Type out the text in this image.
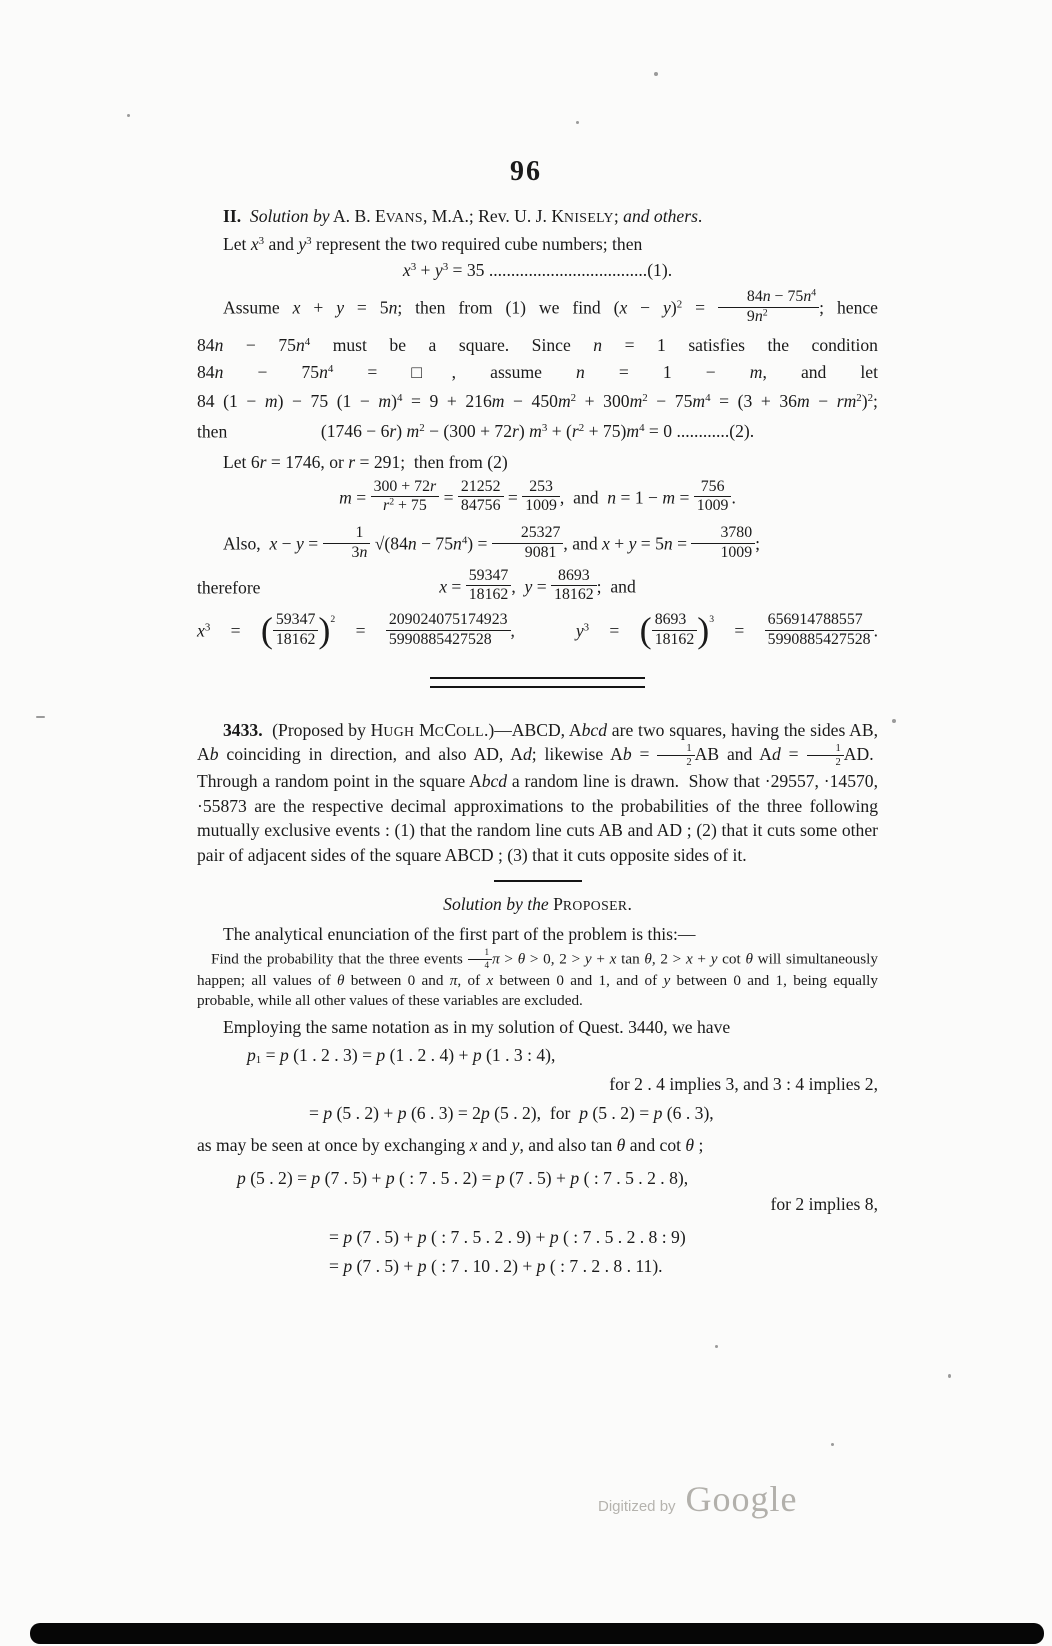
96
II. Solution by A. B. EVANS, M.A.; Rev. U. J. KNISELY; and others.
Let $x^3$ and $y^3$ represent the two required cube numbers; then
$x^3 + y^3 = 35$ ....................................(1).
Assume x + y = 5n; then from (1) we find $(x - y)^2 = \frac{84n - 75n^4}{9n^2}$ ; hence
$84n - 75n^4$ must be a square. Since n = 1 satisfies the condition
$84n - 75n^4$ = □, assume n = 1 − m, and let
84 (1 − m) − 75 $(1 - m)^4 = 9 + 216m - 450m^2 + 300m^2 - 75m^4 = (3 + 36m - rm^2)^2$;
then	(1746 − 6r) $m^2 - (300 + 72r) m^3 + (r^2 + 75)m^4 = 0$ ............(2).
Let 6r = 1746, or r = 291;  then from (2)
$m = \frac{300 + 72r}{r^2 + 75} = \frac{21252}{84756} = \frac{253}{1009}$ ,  and  $n = 1 - m = \frac{756}{1009}$ .
Also,  $x - y = \frac{1}{3n} √(84n - 75n^4) = \frac{25327}{9081}$ , and $x + y = 5n = \frac{3780}{1009}$ ;
therefore	$x = \frac{59347}{18162}$ ,  $y = \frac{8693}{18162}$ ;  and
$x^3$ = ( $\frac{59347}{18162} )^2 = \frac{209024075174923}{5990885427528}$ ,   $y^3$ = ( $\frac{8693}{18162} )^3 = \frac{656914788557}{5990885427528}$ .
3433.  (Proposed by HUGH MCCOLL.)—ABCD, Abcd are two squares, having the sides AB, Ab coinciding in direction, and also AD, Ad; likewise $Ab = \frac{1}{2}$ AB and $Ad = \frac{1}{2}$ AD.  Through a random point in the square Abcd a random line is drawn.  Show that ·29557, ·14570, ·55873 are the respective decimal approximations to the probabilities of the three following mutually exclusive events : (1) that the random line cuts AB and AD ; (2) that it cuts some other pair of adjacent sides of the square ABCD ; (3) that it cuts opposite sides of it.
Solution by the PROPOSER.
The analytical enunciation of the first part of the problem is this:—
Find the probability that the three events $\frac{1}{4}$ π > θ > 0, 2 > y + x tan θ, 2 > x + y cot θ will simultaneously happen; all values of θ between 0 and π, of x between 0 and 1, and of y between 0 and 1, being equally probable, while all other values of these variables are excluded.
Employing the same notation as in my solution of Quest. 3440, we have
$p_1 = p$ (1 . 2 . 3) = p (1 . 2 . 4) + p (1 . 3 : 4),
for 2 . 4 implies 3, and 3 : 4 implies 2,
= p (5 . 2) + p (6 . 3) = 2p (5 . 2),  for  p (5 . 2) = p (6 . 3),
as may be seen at once by exchanging x and y, and also tan θ and cot θ ;
p (5 . 2) = p (7 . 5) + p ( : 7 . 5 . 2) = p (7 . 5) + p ( : 7 . 5 . 2 . 8),
for 2 implies 8,
= p (7 . 5) + p ( : 7 . 5 . 2 . 9) + p ( : 7 . 5 . 2 . 8 : 9)
= p (7 . 5) + p ( : 7 . 10 . 2) + p ( : 7 . 2 . 8 . 11).
Digitized by Google
